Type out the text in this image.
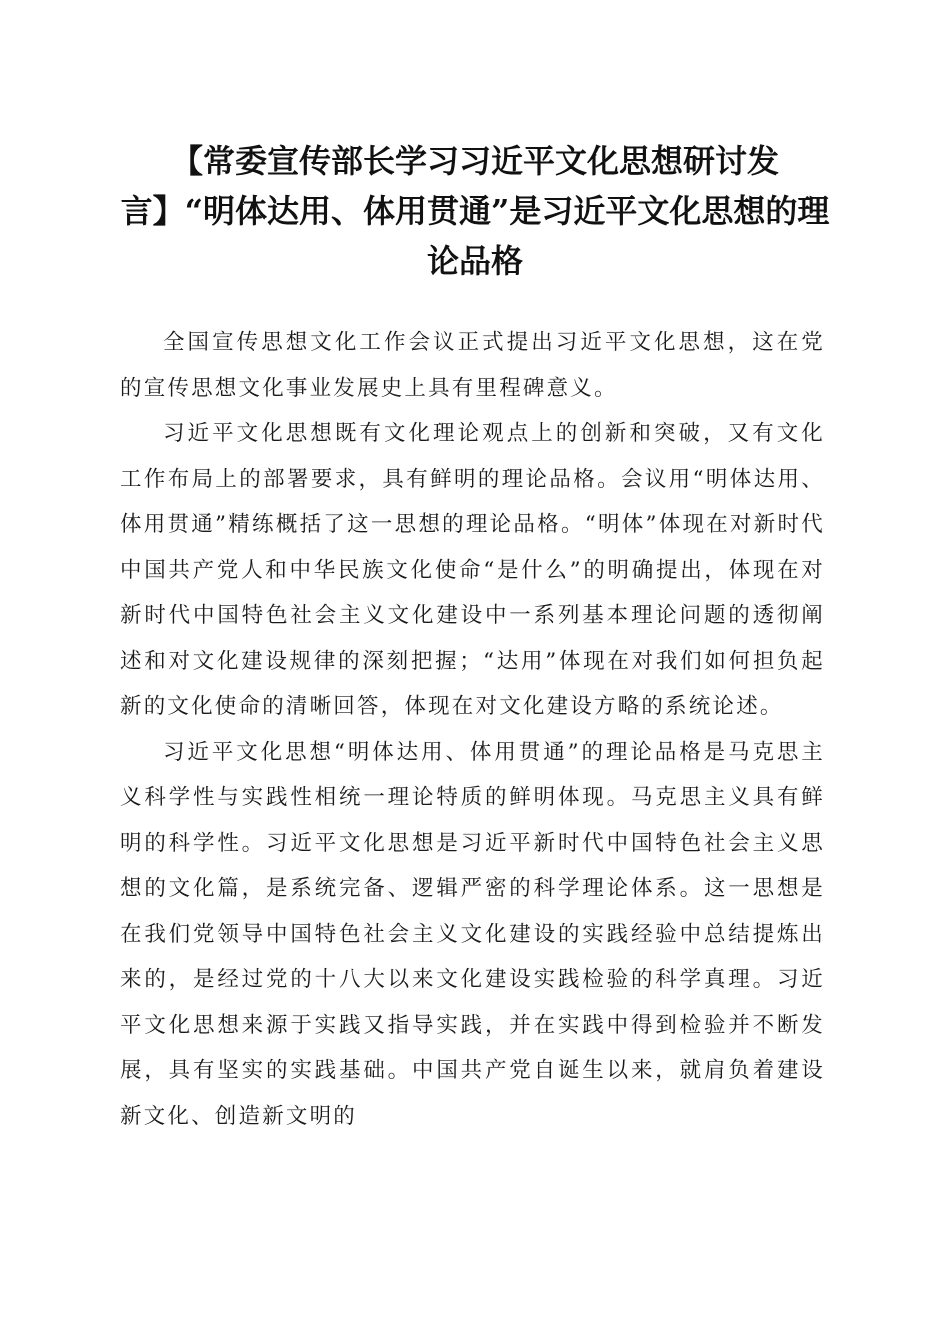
【常委宣传部长学习习近平文化思想研讨发言】“明体达用、体用贯通”是习近平文化思想的理论品格

全国宣传思想文化工作会议正式提出习近平文化思想，这在党的宣传思想文化事业发展史上具有里程碑意义。

习近平文化思想既有文化理论观点上的创新和突破，又有文化工作布局上的部署要求，具有鲜明的理论品格。会议用“明体达用、体用贯通”精练概括了这一思想的理论品格。“明体”体现在对新时代中国共产党人和中华民族文化使命“是什么”的明确提出，体现在对新时代中国特色社会主义文化建设中一系列基本理论问题的透彻阐述和对文化建设规律的深刻把握；“达用”体现在对我们如何担负起新的文化使命的清晰回答，体现在对文化建设方略的系统论述。

习近平文化思想“明体达用、体用贯通”的理论品格是马克思主义科学性与实践性相统一理论特质的鲜明体现。马克思主义具有鲜明的科学性。习近平文化思想是习近平新时代中国特色社会主义思想的文化篇，是系统完备、逻辑严密的科学理论体系。这一思想是在我们党领导中国特色社会主义文化建设的实践经验中总结提炼出来的，是经过党的十八大以来文化建设实践检验的科学真理。习近平文化思想来源于实践又指导实践，并在实践中得到检验并不断发展，具有坚实的实践基础。中国共产党自诞生以来，就肩负着建设新文化、创造新文明的
